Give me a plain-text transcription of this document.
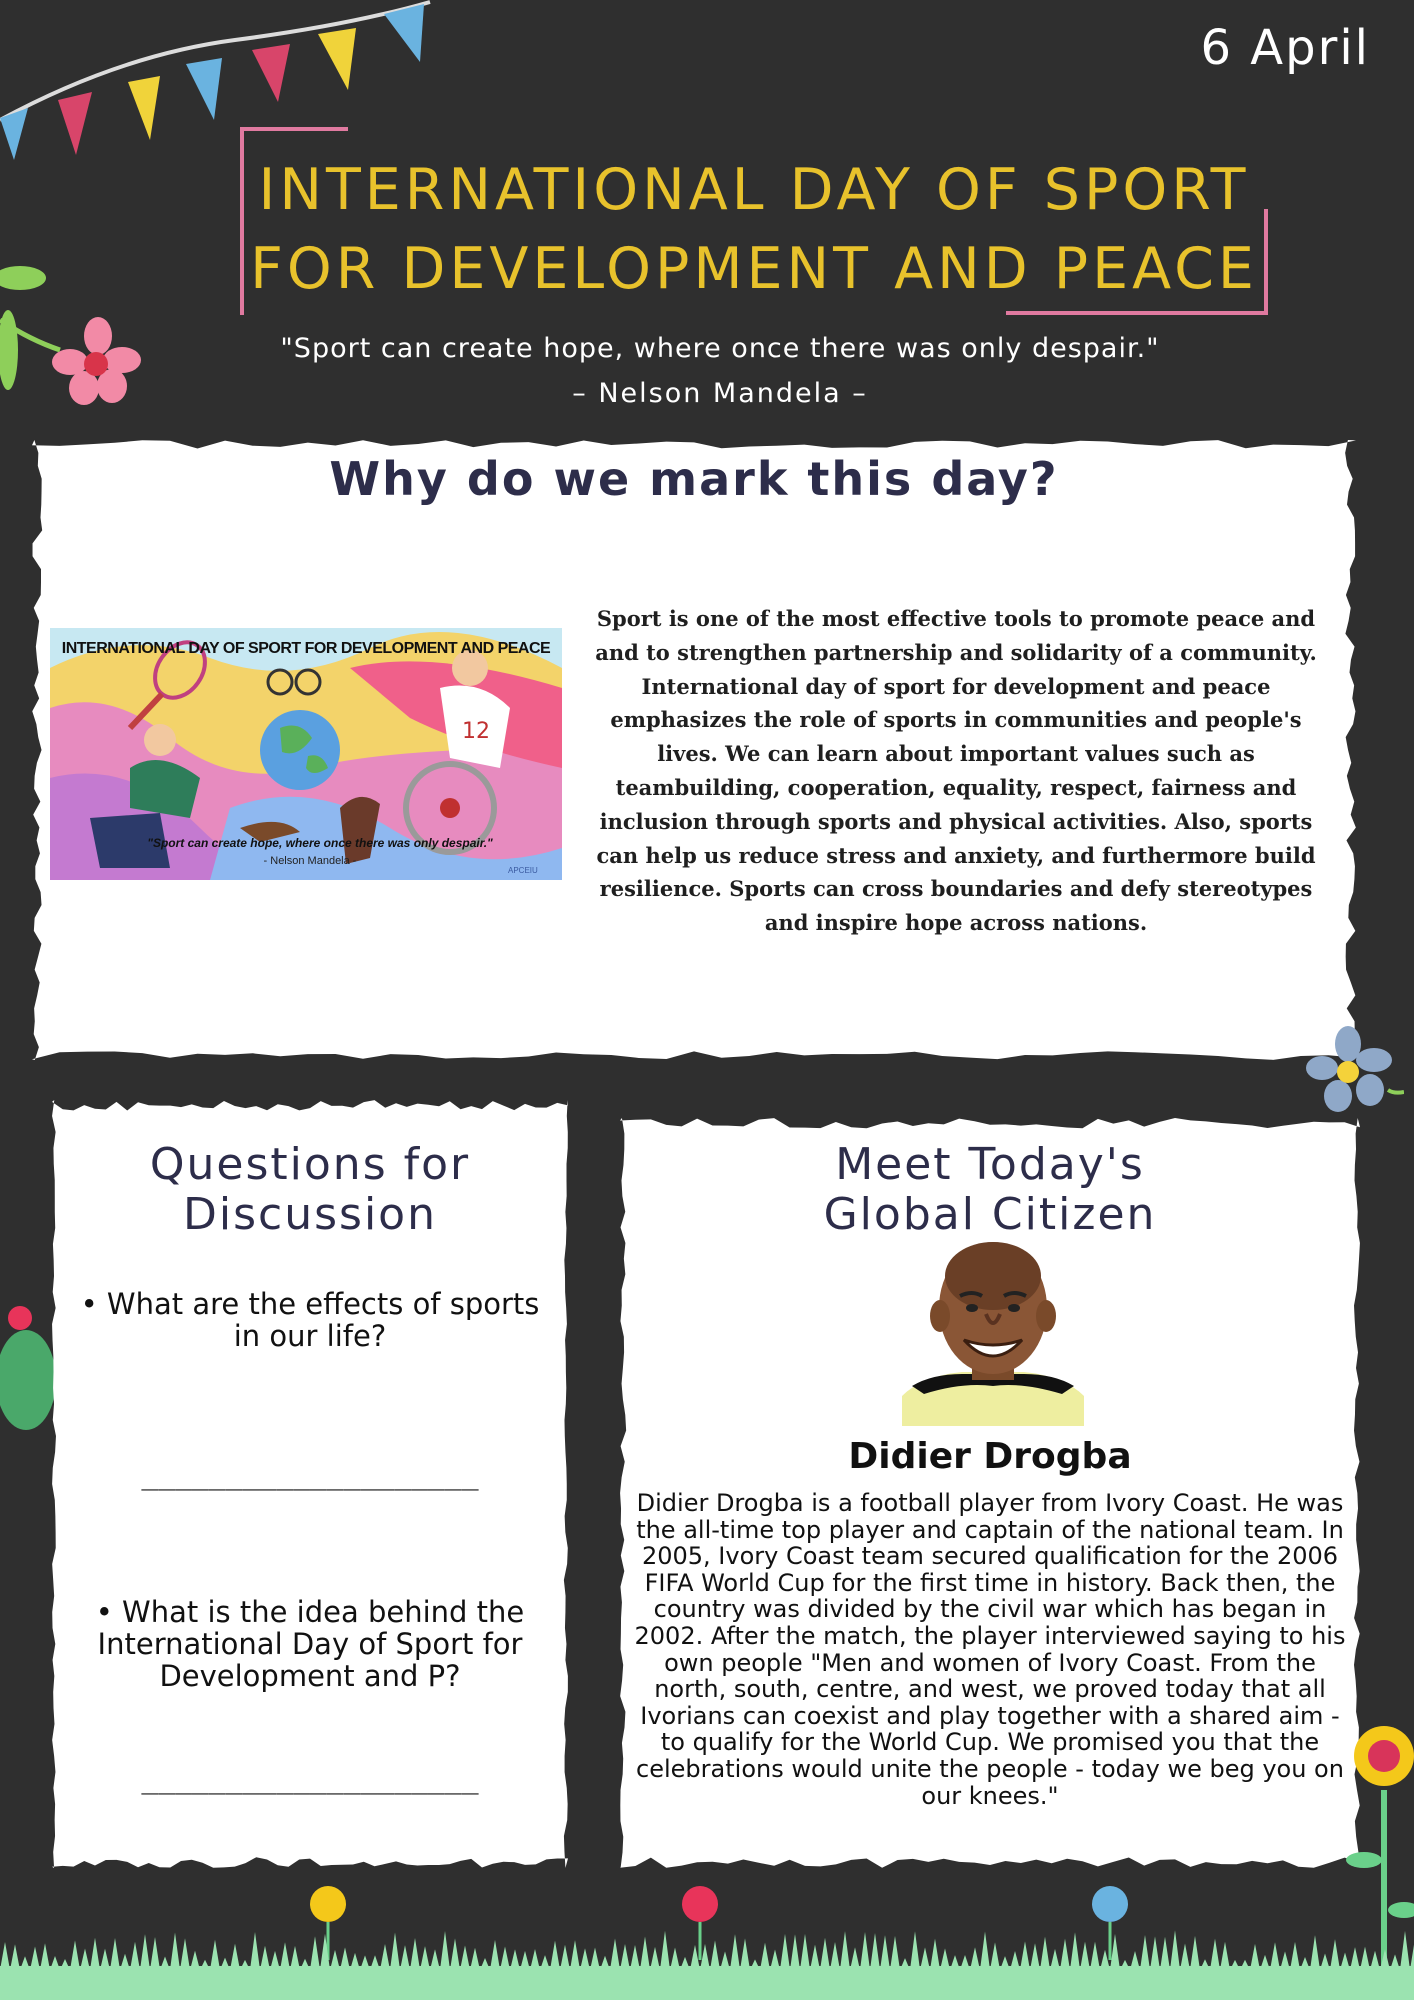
INTERNATIONAL DAY OF SPORT
FOR DEVELOPMENT AND PEACE
6 April
"Sport can create hope, where once there was only despair."
– Nelson Mandela –
Why do we mark this day?
12
INTERNATIONAL DAY OF SPORT FOR DEVELOPMENT AND PEACE
"Sport can create hope, where once there was only despair."
- Nelson Mandela -
APCEIU
Sport is one of the most effective tools to promote peace and and to strengthen partnership and solidarity of a community. International day of sport for development and peace emphasizes the role of sports in communities and people's lives. We can learn about important values such as teambuilding, cooperation, equality, respect, fairness and inclusion through sports and physical activities. Also, sports can help us reduce stress and anxiety, and furthermore build resilience. Sports can cross boundaries and defy stereotypes and inspire hope across nations.
Questions for
Discussion
• What are the effects of sports in our life?
____________________
• What is the idea behind the International Day of Sport for Development and P?
____________________
Meet Today's
Global Citizen
Didier Drogba
Didier Drogba is a football player from Ivory Coast. He was the all-time top player and captain of the national team. In 2005, Ivory Coast team secured qualification for the 2006 FIFA World Cup for the first time in history. Back then, the country was divided by the civil war which has began in 2002. After the match, the player interviewed saying to his own people "Men and women of Ivory Coast. From the north, south, centre, and west, we proved today that all Ivorians can coexist and play together with a shared aim - to qualify for the World Cup. We promised you that the celebrations would unite the people - today we beg you on our knees."
